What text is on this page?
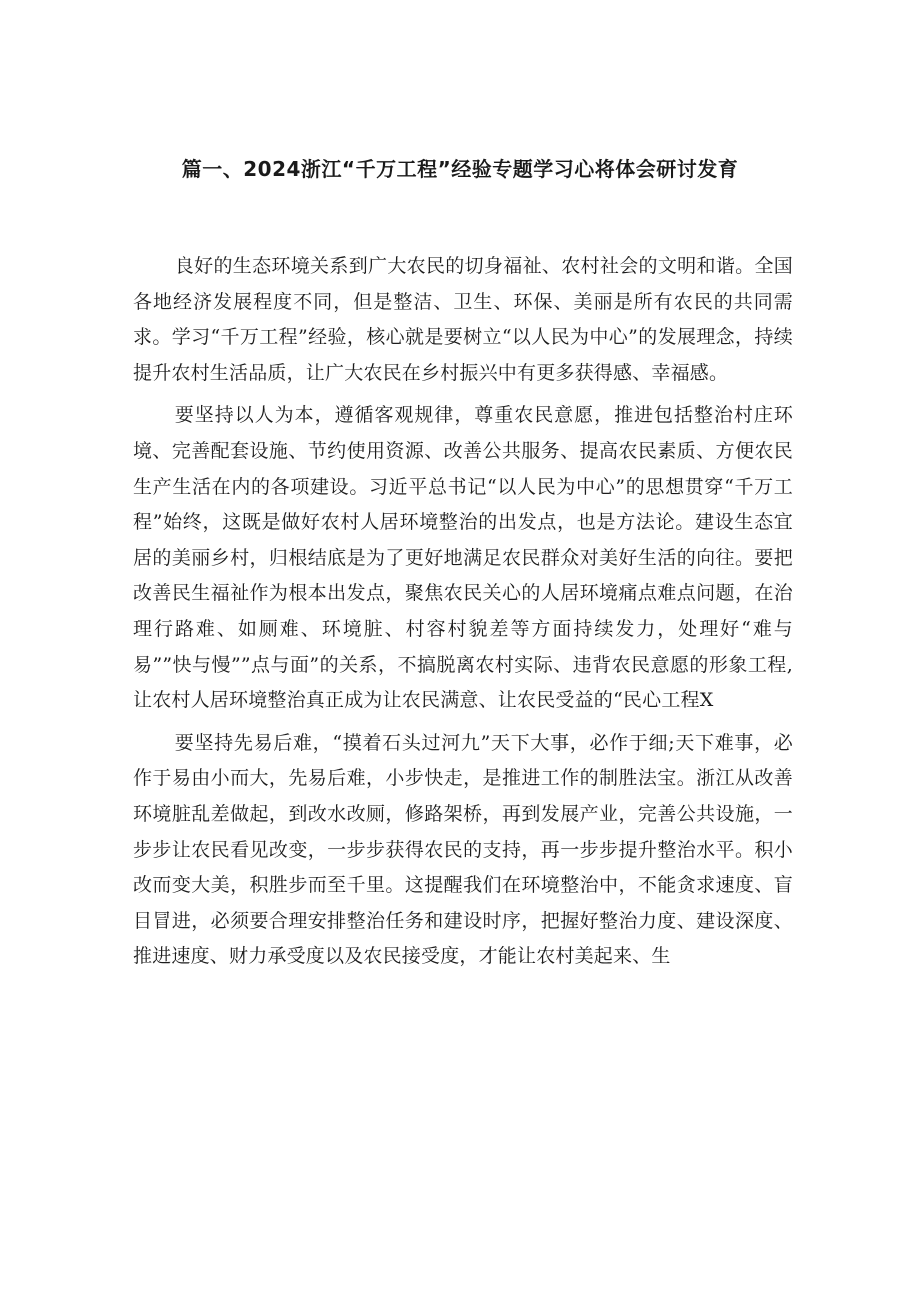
篇一、2024浙江“千万工程”经验专题学习心将体会研讨发育

良好的生态环境关系到广大农民的切身福祉、农村社会的文明和谐。全国各地经济发展程度不同，但是整洁、卫生、环保、美丽是所有农民的共同需求。学习“千万工程”经验，核心就是要树立“以人民为中心”的发展理念，持续提升农村生活品质，让广大农民在乡村振兴中有更多获得感、幸福感。

要坚持以人为本，遵循客观规律，尊重农民意愿，推进包括整治村庄环境、完善配套设施、节约使用资源、改善公共服务、提高农民素质、方便农民生产生活在内的各项建设。习近平总书记“以人民为中心”的思想贯穿“千万工程”始终，这既是做好农村人居环境整治的出发点，也是方法论。建设生态宜居的美丽乡村，归根结底是为了更好地满足农民群众对美好生活的向往。要把改善民生福祉作为根本出发点，聚焦农民关心的人居环境痛点难点问题，在治理行路难、如厕难、环境脏、村容村貌差等方面持续发力，处理好“难与易””快与慢””点与面”的关系，不搞脱离农村实际、违背农民意愿的形象工程,让农村人居环境整治真正成为让农民满意、让农民受益的“民心工程X

要坚持先易后难，“摸着石头过河九”天下大事，必作于细;天下难事，必作于易由小而大，先易后难，小步快走，是推进工作的制胜法宝。浙江从改善环境脏乱差做起，到改水改厕，修路架桥，再到发展产业，完善公共设施，一步步让农民看见改变，一步步获得农民的支持，再一步步提升整治水平。积小改而变大美，积胜步而至千里。这提醒我们在环境整治中，不能贪求速度、盲目冒进，必须要合理安排整治任务和建设时序，把握好整治力度、建设深度、推进速度、财力承受度以及农民接受度，才能让农村美起来、生
